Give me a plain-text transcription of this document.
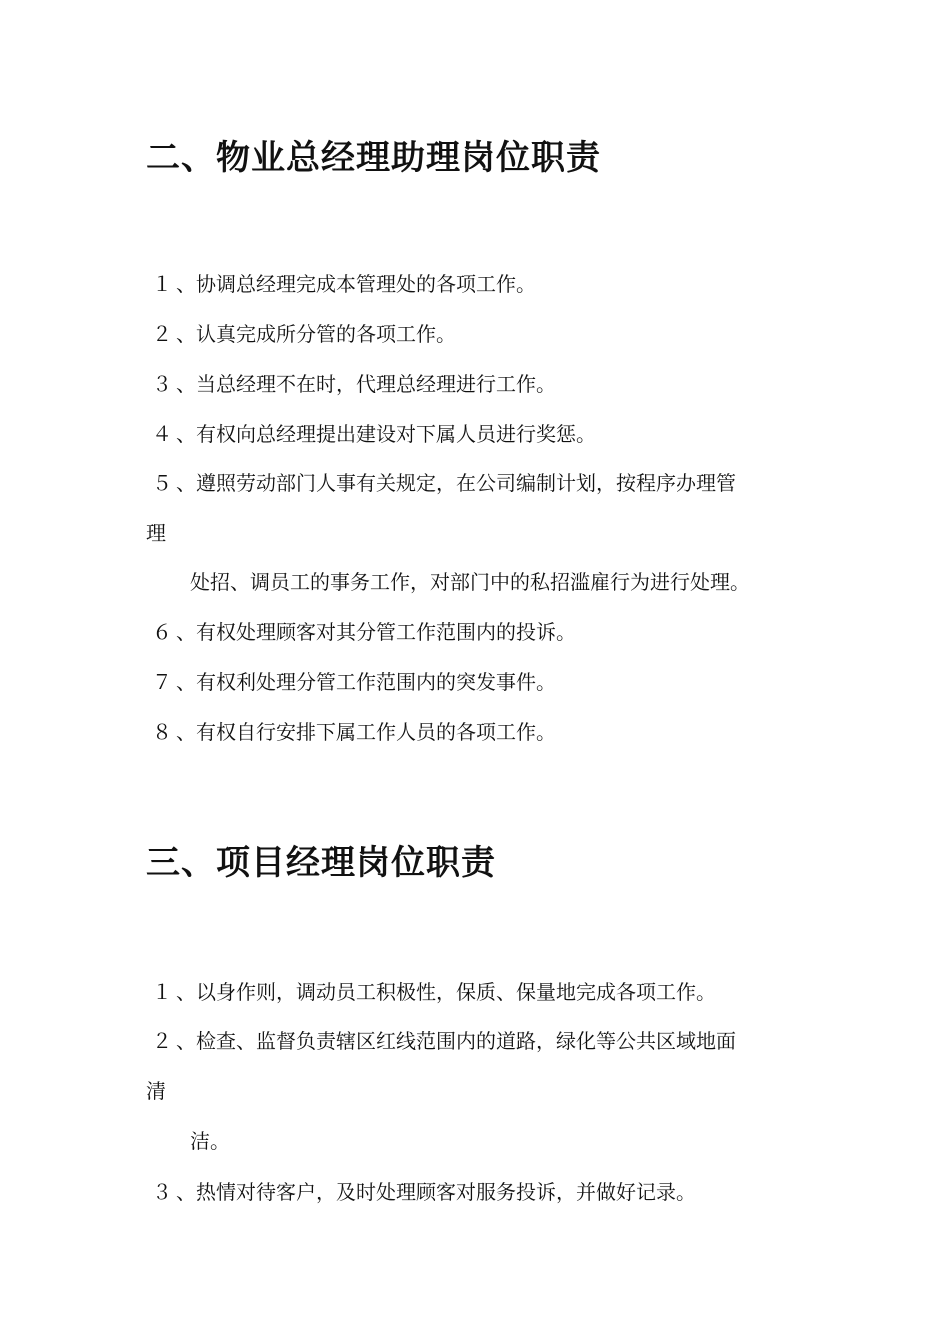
二、物业总经理助理岗位职责
１ 、协调总经理完成本管理处的各项工作。
２ 、认真完成所分管的各项工作。
３ 、当总经理不在时，代理总经理进行工作。
４ 、有权向总经理提出建设对下属人员进行奖惩。
５ 、遵照劳动部门人事有关规定，在公司编制计划，按程序办理管
理
处招、调员工的事务工作，对部门中的私招滥雇行为进行处理。
６ 、有权处理顾客对其分管工作范围内的投诉。
７ 、有权利处理分管工作范围内的突发事件。
８ 、有权自行安排下属工作人员的各项工作。
三、项目经理岗位职责
１ 、以身作则，调动员工积极性，保质、保量地完成各项工作。
２ 、检查、监督负责辖区红线范围内的道路，绿化等公共区域地面
清
洁。
３ 、热情对待客户，及时处理顾客对服务投诉，并做好记录。
